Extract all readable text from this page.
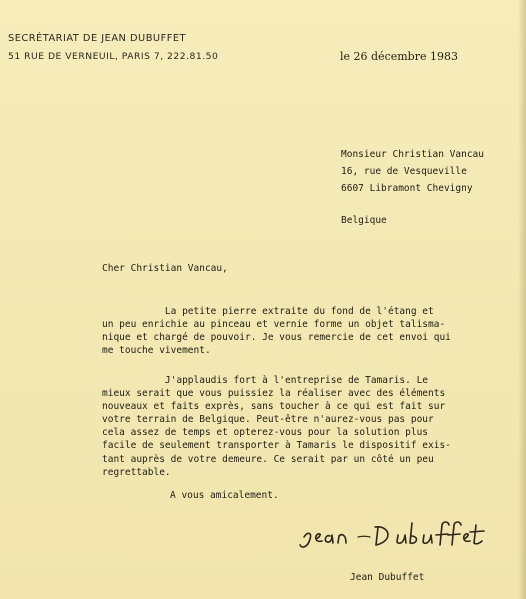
SECRÉTARIAT DE JEAN DUBUFFET
51 RUE DE VERNEUIL, PARIS 7, 222.81.50	le 26 décembre 1983
Monsieur Christian Vancau
16, rue de Vesqueville
6607 Libramont Chevigny
Belgique
Cher Christian Vancau,
La petite pierre extraite du fond de l'étang et
un peu enrichie au pinceau et vernie forme un objet talisma-
nique et chargé de pouvoir. Je vous remercie de cet envoi qui
me touche vivement.
J'applaudis fort à l'entreprise de Tamaris. Le
mieux serait que vous puissiez la réaliser avec des éléments
nouveaux et faits exprès, sans toucher à ce qui est fait sur
votre terrain de Belgique. Peut-être n'aurez-vous pas pour
cela assez de temps et opterez-vous pour la solution plus
facile de seulement transporter à Tamaris le dispositif exis-
tant auprès de votre demeure. Ce serait par un côté un peu
regrettable.
A vous amicalement.
Jean Dubuffet
